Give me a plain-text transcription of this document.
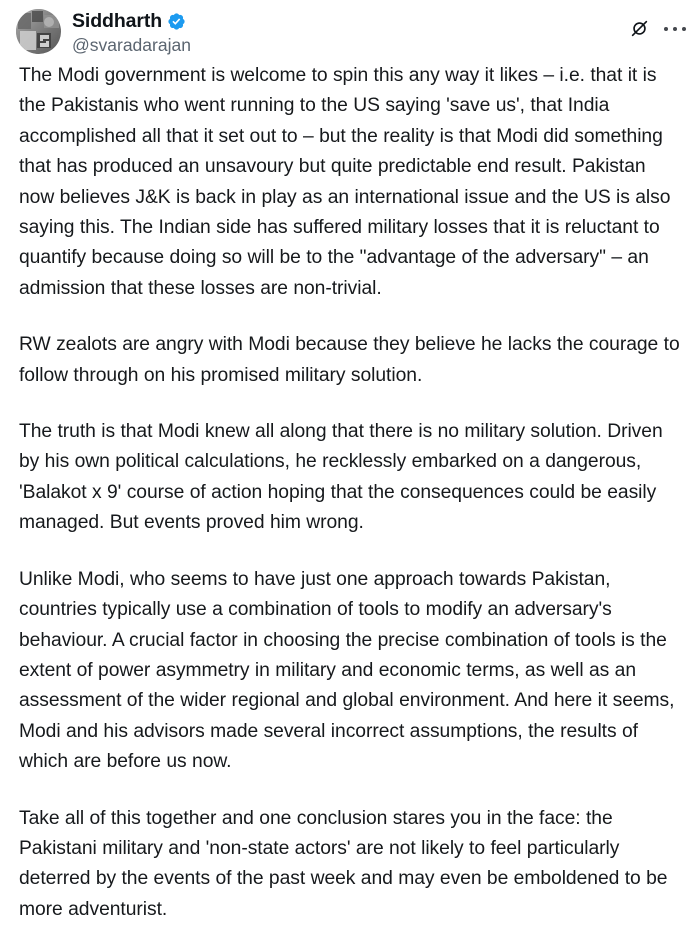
Siddharth
@svaradarajan

The Modi government is welcome to spin this any way it likes – i.e. that it is the Pakistanis who went running to the US saying 'save us', that India accomplished all that it set out to – but the reality is that Modi did something that has produced an unsavoury but quite predictable end result. Pakistan now believes J&K is back in play as an international issue and the US is also saying this. The Indian side has suffered military losses that it is reluctant to quantify because doing so will be to the "advantage of the adversary" – an admission that these losses are non-trivial.

RW zealots are angry with Modi because they believe he lacks the courage to follow through on his promised military solution.

The truth is that Modi knew all along that there is no military solution. Driven by his own political calculations, he recklessly embarked on a dangerous, 'Balakot x 9' course of action hoping that the consequences could be easily managed. But events proved him wrong.

Unlike Modi, who seems to have just one approach towards Pakistan, countries typically use a combination of tools to modify an adversary's behaviour. A crucial factor in choosing the precise combination of tools is the extent of power asymmetry in military and economic terms, as well as an assessment of the wider regional and global environment. And here it seems, Modi and his advisors made several incorrect assumptions, the results of which are before us now.

Take all of this together and one conclusion stares you in the face: the Pakistani military and 'non-state actors' are not likely to feel particularly deterred by the events of the past week and may even be emboldened to be more adventurist.
